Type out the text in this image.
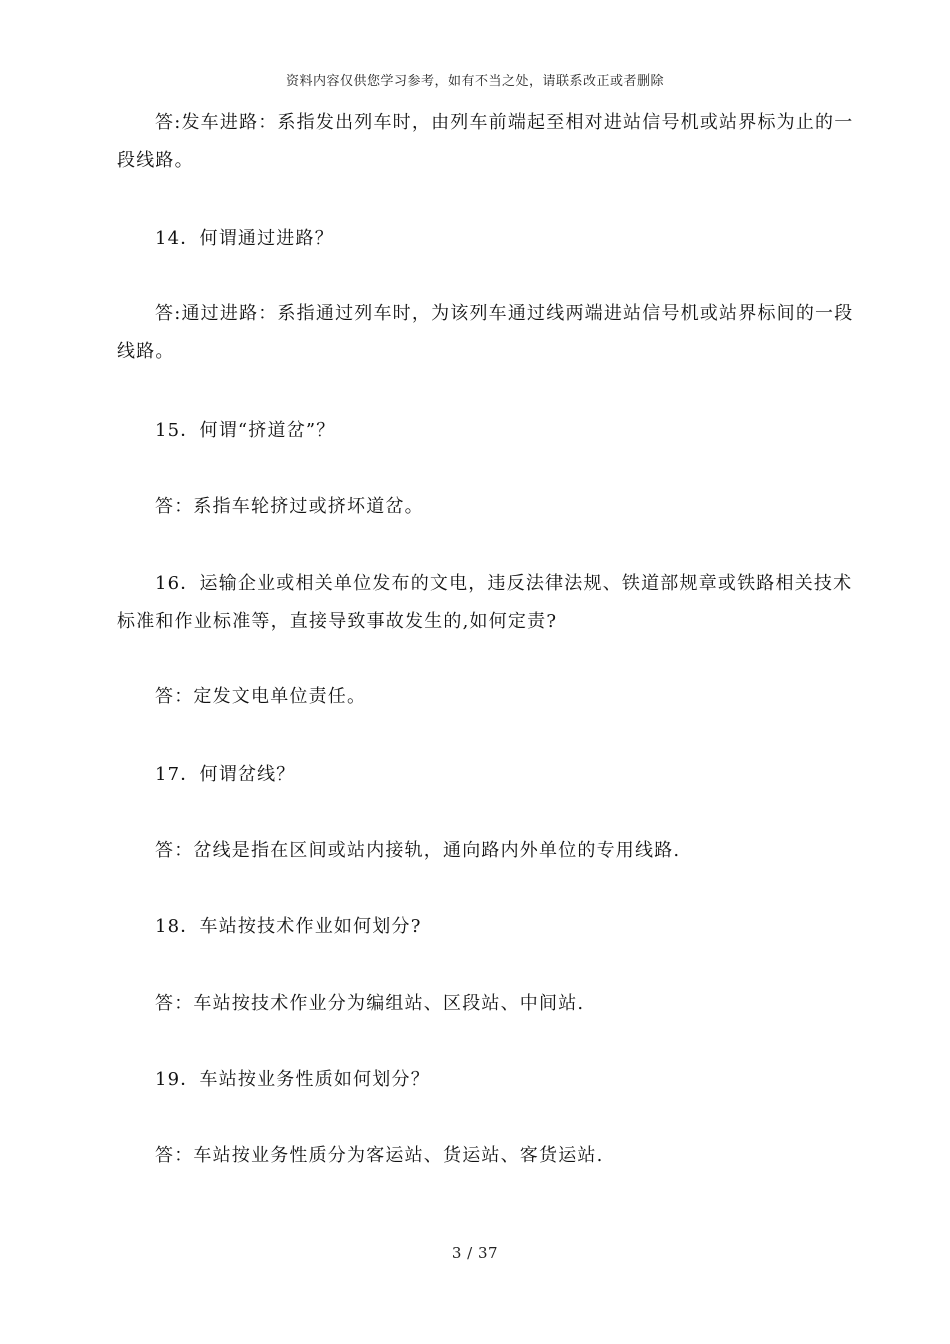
资料内容仅供您学习参考，如有不当之处，请联系改正或者删除

答:发车进路：系指发出列车时，由列车前端起至相对进站信号机或站界标为止的一段线路。

14．何谓通过进路？

答:通过进路：系指通过列车时，为该列车通过线两端进站信号机或站界标间的一段线路。

15．何谓“挤道岔”？

答：系指车轮挤过或挤坏道岔。

16．运输企业或相关单位发布的文电，违反法律法规、铁道部规章或铁路相关技术标准和作业标准等，直接导致事故发生的,如何定责?

答：定发文电单位责任。

17．何谓岔线？

答：岔线是指在区间或站内接轨，通向路内外单位的专用线路.

18．车站按技术作业如何划分?

答：车站按技术作业分为编组站、区段站、中间站.

19．车站按业务性质如何划分？

答：车站按业务性质分为客运站、货运站、客货运站.

3 / 37
